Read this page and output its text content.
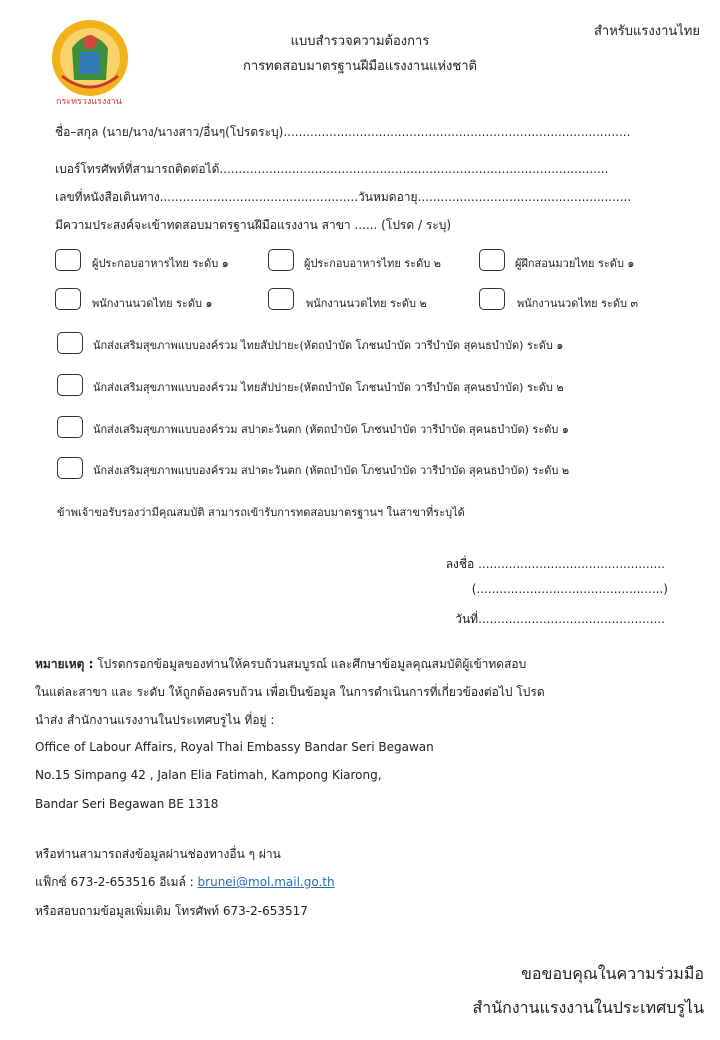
กระทรวงแรงงาน
สำหรับแรงงานไทย
แบบสำรวจความต้องการ
การทดสอบมาตรฐานฝีมือแรงงานแห่งชาติ
ชื่อ–สกุล (นาย/นาง/นางสาว/อื่นๆ(โปรดระบุ)...........................................................................................
เบอร์โทรศัพท์ที่สามารถติดต่อได้......................................................................................................
เลขที่หนังสือเดินทาง....................................................วันหมดอายุ........................................................
มีความประสงค์จะเข้าทดสอบมาตรฐานฝีมือแรงงาน สาขา ...... (โปรด / ระบุ)
ผู้ประกอบอาหารไทย ระดับ ๑	ผู้ประกอบอาหารไทย ระดับ ๒	ผู้ฝึกสอนมวยไทย ระดับ ๑
พนักงานนวดไทย ระดับ ๑	พนักงานนวดไทย ระดับ ๒	พนักงานนวดไทย ระดับ ๓
นักส่งเสริมสุขภาพแบบองค์รวม ไทยสัปปายะ(หัตถบำบัด โภชนบำบัด วารีบำบัด สุคนธบำบัด) ระดับ ๑
นักส่งเสริมสุขภาพแบบองค์รวม ไทยสัปปายะ(หัตถบำบัด โภชนบำบัด วารีบำบัด สุคนธบำบัด) ระดับ ๒
นักส่งเสริมสุขภาพแบบองค์รวม สปาตะวันตก (หัตถบำบัด โภชนบำบัด วารีบำบัด สุคนธบำบัด) ระดับ ๑
นักส่งเสริมสุขภาพแบบองค์รวม สปาตะวันตก (หัตถบำบัด โภชนบำบัด วารีบำบัด สุคนธบำบัด) ระดับ ๒
ข้าพเจ้าขอรับรองว่ามีคุณสมบัติ สามารถเข้ารับการทดสอบมาตรฐานฯ ในสาขาที่ระบุได้
ลงชื่อ .................................................
(.................................................)
วันที่.................................................
หมายเหตุ : โปรดกรอกข้อมูลของท่านให้ครบถ้วนสมบูรณ์ และศึกษาข้อมูลคุณสมบัติผู้เข้าทดสอบ
ในแต่ละสาขา และ ระดับ ให้ถูกต้องครบถ้วน เพื่อเป็นข้อมูล ในการดำเนินการที่เกี่ยวข้องต่อไป โปรด
นำส่ง สำนักงานแรงงานในประเทศบรูไน ที่อยู่ :
Office of Labour Affairs, Royal Thai Embassy Bandar Seri Begawan
No.15 Simpang 42 , Jalan Elia Fatimah, Kampong Kiarong,
Bandar Seri Begawan BE 1318
หรือท่านสามารถส่งข้อมูลผ่านช่องทางอื่น ๆ ผ่าน
แฟ็กซ์ 673-2-653516 อีเมล์ : brunei@mol.mail.go.th
หรือสอบถามข้อมูลเพิ่มเติม โทรศัพท์ 673-2-653517
ขอขอบคุณในความร่วมมือ
สำนักงานแรงงานในประเทศบรูไน
